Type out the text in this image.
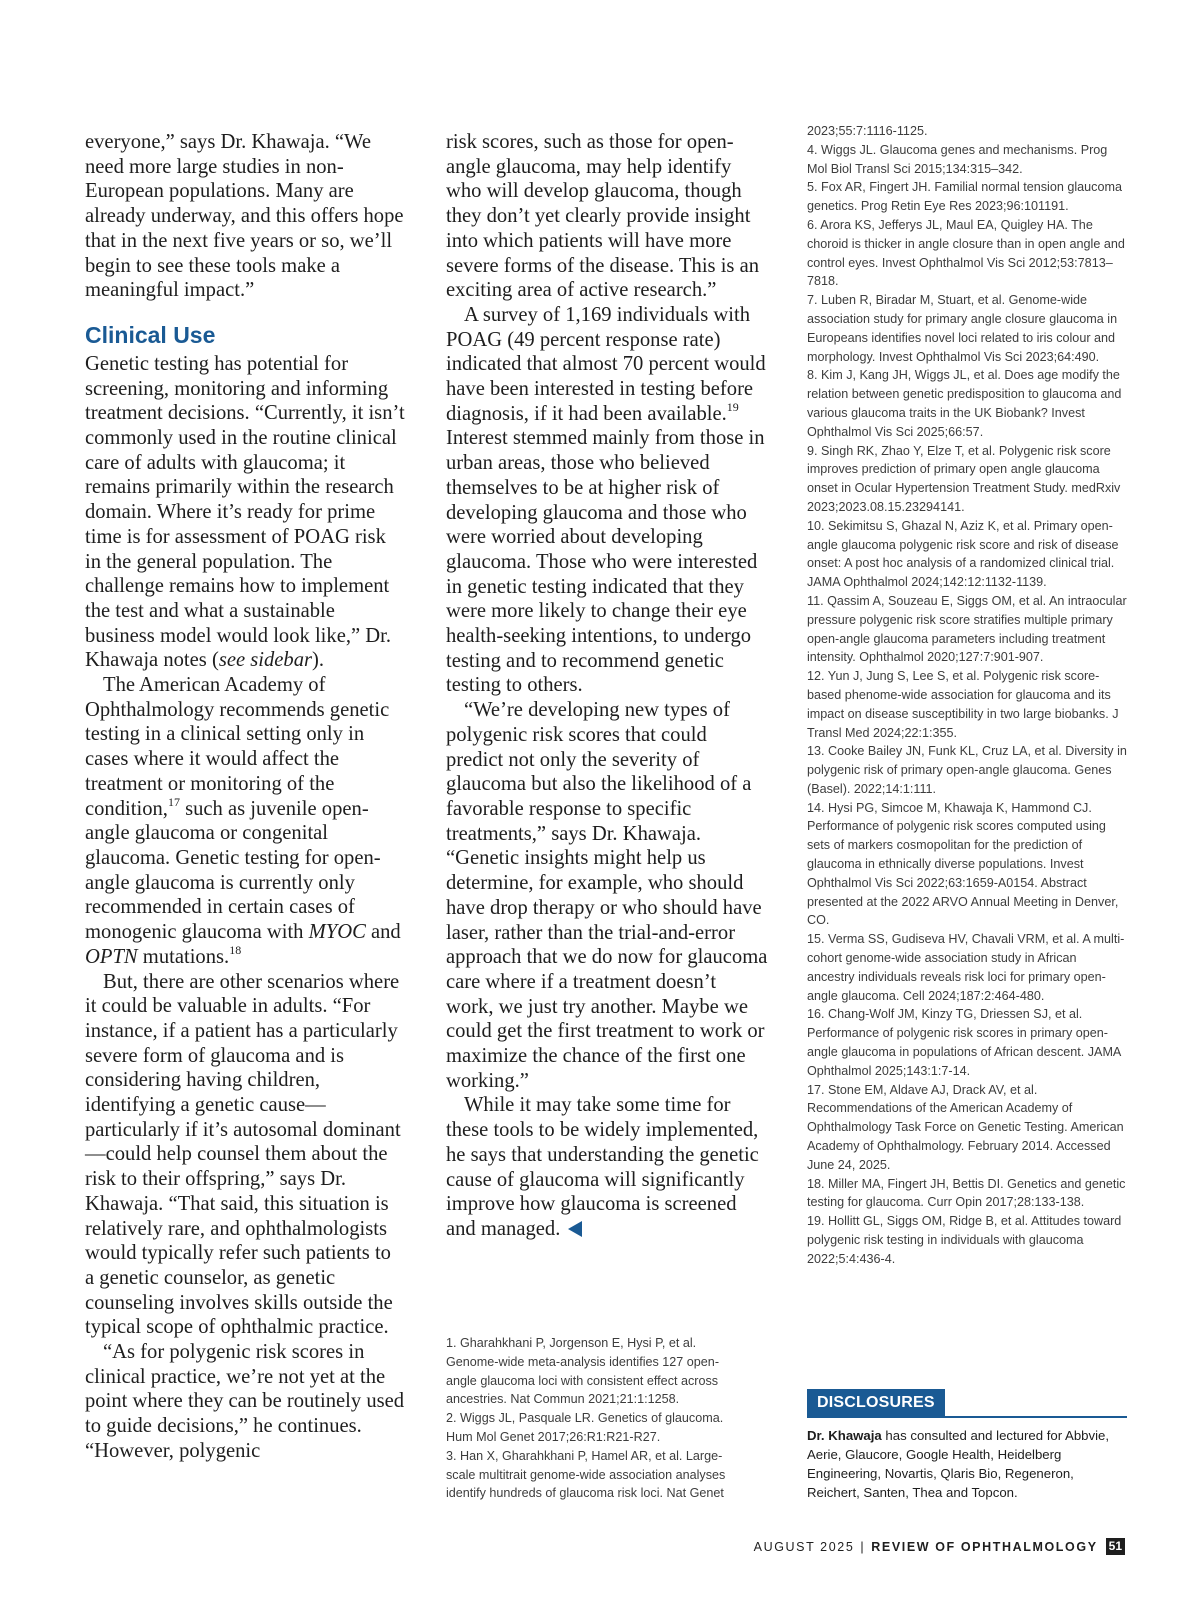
everyone,” says Dr. Khawaja. “We need more large studies in non-European populations. Many are already underway, and this offers hope that in the next five years or so, we’ll begin to see these tools make a meaningful impact.”

Clinical Use

Genetic testing has potential for screening, monitoring and informing treatment decisions. “Currently, it isn’t commonly used in the routine clinical care of adults with glaucoma; it remains primarily within the research domain. Where it’s ready for prime time is for assessment of POAG risk in the general population. The challenge remains how to implement the test and what a sustainable business model would look like,” Dr. Khawaja notes (see sidebar).

The American Academy of Ophthalmology recommends genetic testing in a clinical setting only in cases where it would affect the treatment or monitoring of the condition,$^{17}$ such as juvenile open-angle glaucoma or congenital glaucoma. Genetic testing for open-angle glaucoma is currently only recommended in certain cases of monogenic glaucoma with MYOC and OPTN mutations.$^{18}$

But, there are other scenarios where it could be valuable in adults. “For instance, if a patient has a particularly severe form of glaucoma and is considering having children, identifying a genetic cause—particularly if it’s autosomal dominant—could help counsel them about the risk to their offspring,” says Dr. Khawaja. “That said, this situation is relatively rare, and ophthalmologists would typically refer such patients to a genetic counselor, as genetic counseling involves skills outside the typical scope of ophthalmic practice.

“As for polygenic risk scores in clinical practice, we’re not yet at the point where they can be routinely used to guide decisions,” he continues. “However, polygenic

risk scores, such as those for open-angle glaucoma, may help identify who will develop glaucoma, though they don’t yet clearly provide insight into which patients will have more severe forms of the disease. This is an exciting area of active research.”

A survey of 1,169 individuals with POAG (49 percent response rate) indicated that almost 70 percent would have been interested in testing before diagnosis, if it had been available.$^{19}$ Interest stemmed mainly from those in urban areas, those who believed themselves to be at higher risk of developing glaucoma and those who were worried about developing glaucoma. Those who were interested in genetic testing indicated that they were more likely to change their eye health-seeking intentions, to undergo testing and to recommend genetic testing to others.

“We’re developing new types of polygenic risk scores that could predict not only the severity of glaucoma but also the likelihood of a favorable response to specific treatments,” says Dr. Khawaja. “Genetic insights might help us determine, for example, who should have drop therapy or who should have laser, rather than the trial-and-error approach that we do now for glaucoma care where if a treatment doesn’t work, we just try another. Maybe we could get the first treatment to work or maximize the chance of the first one working.”

While it may take some time for these tools to be widely implemented, he says that understanding the genetic cause of glaucoma will significantly improve how glaucoma is screened and managed.

1. Gharahkhani P, Jorgenson E, Hysi P, et al. Genome-wide meta-analysis identifies 127 open-angle glaucoma loci with consistent effect across ancestries. Nat Commun 2021;21:1:1258.
2. Wiggs JL, Pasquale LR. Genetics of glaucoma. Hum Mol Genet 2017;26:R1:R21-R27.
3. Han X, Gharahkhani P, Hamel AR, et al. Large-scale multitrait genome-wide association analyses identify hundreds of glaucoma risk loci. Nat Genet
2023;55:7:1116-1125.
4. Wiggs JL. Glaucoma genes and mechanisms. Prog Mol Biol Transl Sci 2015;134:315–342.
5. Fox AR, Fingert JH. Familial normal tension glaucoma genetics. Prog Retin Eye Res 2023;96:101191.
6. Arora KS, Jefferys JL, Maul EA, Quigley HA. The choroid is thicker in angle closure than in open angle and control eyes. Invest Ophthalmol Vis Sci 2012;53:7813–7818.
7. Luben R, Biradar M, Stuart, et al. Genome-wide association study for primary angle closure glaucoma in Europeans identifies novel loci related to iris colour and morphology. Invest Ophthalmol Vis Sci 2023;64:490.
8. Kim J, Kang JH, Wiggs JL, et al. Does age modify the relation between genetic predisposition to glaucoma and various glaucoma traits in the UK Biobank? Invest Ophthalmol Vis Sci 2025;66:57.
9. Singh RK, Zhao Y, Elze T, et al. Polygenic risk score improves prediction of primary open angle glaucoma onset in Ocular Hypertension Treatment Study. medRxiv 2023;2023.08.15.23294141.
10. Sekimitsu S, Ghazal N, Aziz K, et al. Primary open-angle glaucoma polygenic risk score and risk of disease onset: A post hoc analysis of a randomized clinical trial. JAMA Ophthalmol 2024;142:12:1132-1139.
11. Qassim A, Souzeau E, Siggs OM, et al. An intraocular pressure polygenic risk score stratifies multiple primary open-angle glaucoma parameters including treatment intensity. Ophthalmol 2020;127:7:901-907.
12. Yun J, Jung S, Lee S, et al. Polygenic risk score-based phenome-wide association for glaucoma and its impact on disease susceptibility in two large biobanks. J Transl Med 2024;22:1:355.
13. Cooke Bailey JN, Funk KL, Cruz LA, et al. Diversity in polygenic risk of primary open-angle glaucoma. Genes (Basel). 2022;14:1:111.
14. Hysi PG, Simcoe M, Khawaja K, Hammond CJ. Performance of polygenic risk scores computed using sets of markers cosmopolitan for the prediction of glaucoma in ethnically diverse populations. Invest Ophthalmol Vis Sci 2022;63:1659-A0154. Abstract presented at the 2022 ARVO Annual Meeting in Denver, CO.
15. Verma SS, Gudiseva HV, Chavali VRM, et al. A multi-cohort genome-wide association study in African ancestry individuals reveals risk loci for primary open-angle glaucoma. Cell 2024;187:2:464-480.
16. Chang-Wolf JM, Kinzy TG, Driessen SJ, et al. Performance of polygenic risk scores in primary open-angle glaucoma in populations of African descent. JAMA Ophthalmol 2025;143:1:7-14.
17. Stone EM, Aldave AJ, Drack AV, et al. Recommendations of the American Academy of Ophthalmology Task Force on Genetic Testing. American Academy of Ophthalmology. February 2014. Accessed June 24, 2025.
18. Miller MA, Fingert JH, Bettis DI. Genetics and genetic testing for glaucoma. Curr Opin 2017;28:133-138.
19. Hollitt GL, Siggs OM, Ridge B, et al. Attitudes toward polygenic risk testing in individuals with glaucoma 2022;5:4:436-4.
DISCLOSURES
Dr. Khawaja has consulted and lectured for Abbvie, Aerie, Glaucore, Google Health, Heidelberg Engineering, Novartis, Qlaris Bio, Regeneron, Reichert, Santen, Thea and Topcon.
AUGUST 2025 | REVIEW OF OPHTHALMOLOGY 51
